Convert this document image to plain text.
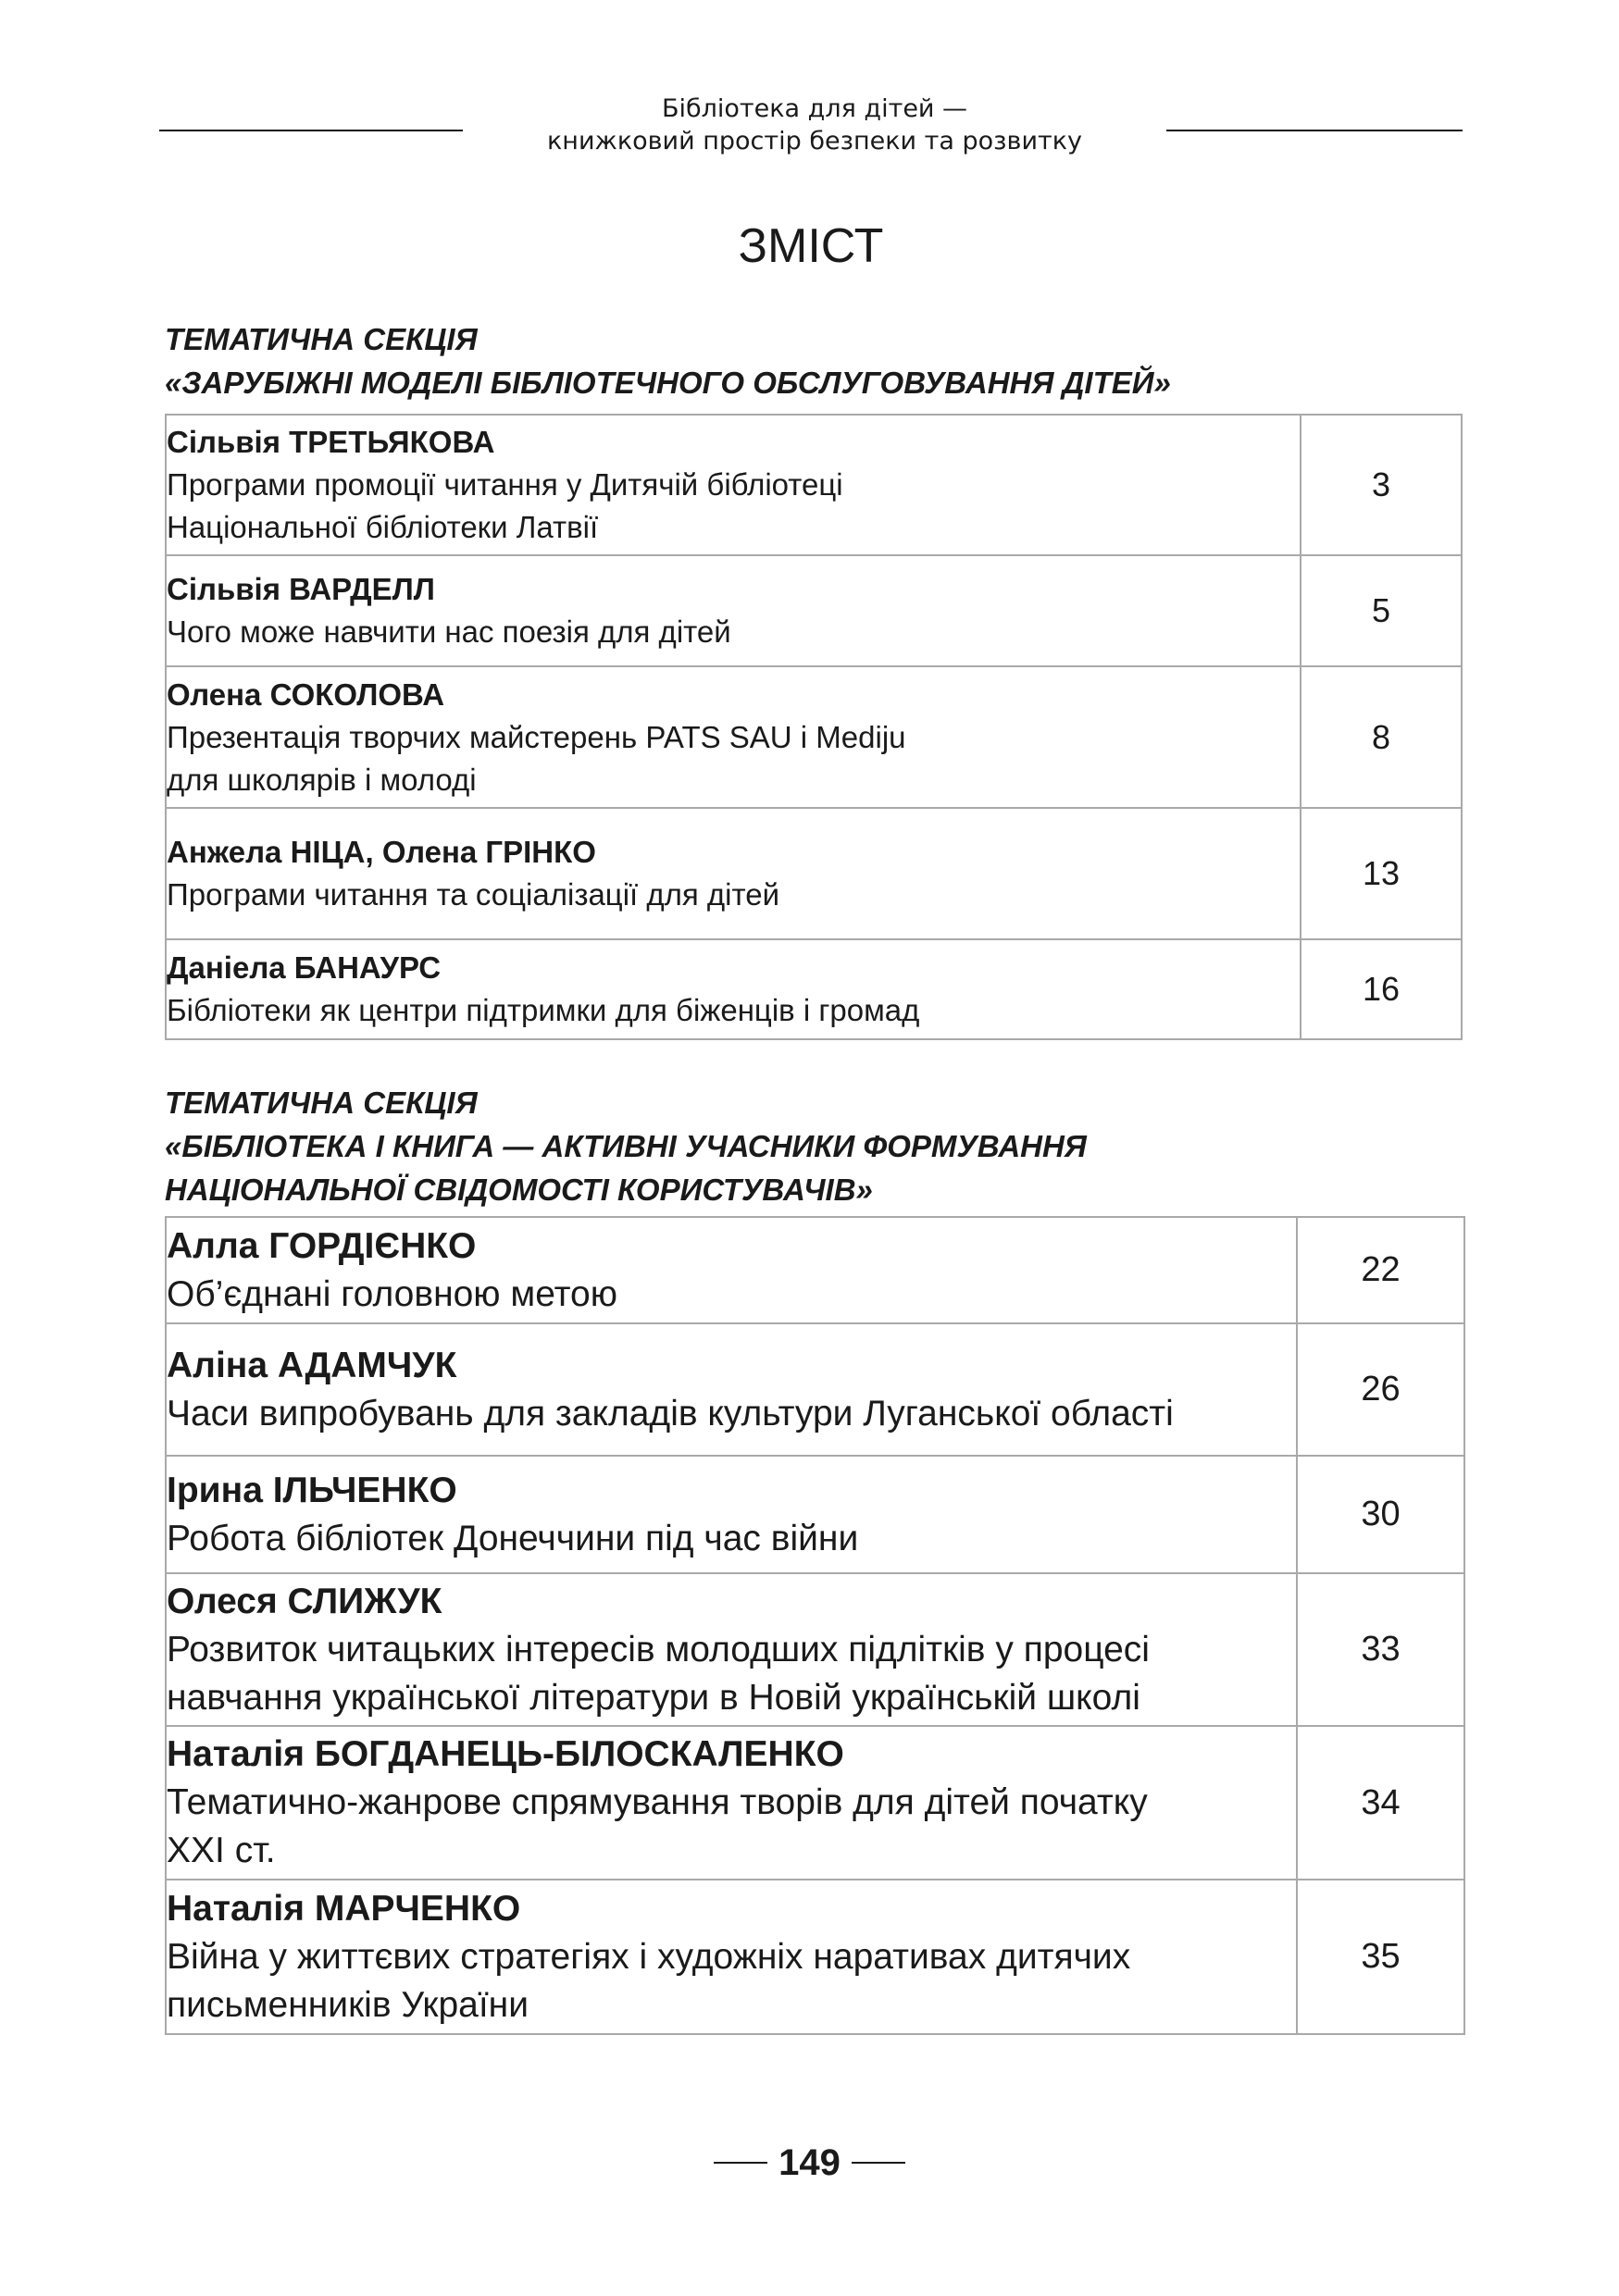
Бібліотека для дітей —
книжковий простір безпеки та розвитку
ЗМІСТ
ТЕМАТИЧНА СЕКЦІЯ
«ЗАРУБІЖНІ МОДЕЛІ БІБЛІОТЕЧНОГО ОБСЛУГОВУВАННЯ ДІТЕЙ»
Сільвія ТРЕТЬЯКОВА
Програми промоції читання у Дитячій бібліотеці
Національної бібліотеки Латвії	3

Сільвія ВАРДЕЛЛ
Чого може навчити нас поезія для дітей	5

Олена СОКОЛОВА
Презентація творчих майстерень PATS SAU і Mediju
для школярів і молоді	8

Анжела НІЦА, Олена ГРІНКО
Програми читання та соціалізації для дітей	13

Даніела БАНАУРС
Бібліотеки як центри підтримки для біженців і громад	16
ТЕМАТИЧНА СЕКЦІЯ
«БІБЛІОТЕКА І КНИГА — АКТИВНІ УЧАСНИКИ ФОРМУВАННЯ
НАЦІОНАЛЬНОЇ СВІДОМОСТІ КОРИСТУВАЧІВ»
Алла ГОРДІЄНКО
Об’єднані головною метою	22

Аліна АДАМЧУК
Часи випробувань для закладів культури Луганської області	26

Ірина ІЛЬЧЕНКО
Робота бібліотек Донеччини під час війни	30

Олеся СЛИЖУК
Розвиток читацьких інтересів молодших підлітків у процесі
навчання української літератури в Новій українській школі	33

Наталія БОГДАНЕЦЬ-БІЛОСКАЛЕНКО
Тематично-жанрове спрямування творів для дітей початку
XXI ст.	34

Наталія МАРЧЕНКО
Війна у життєвих стратегіях і художніх наративах дитячих
письменників України	35
149
